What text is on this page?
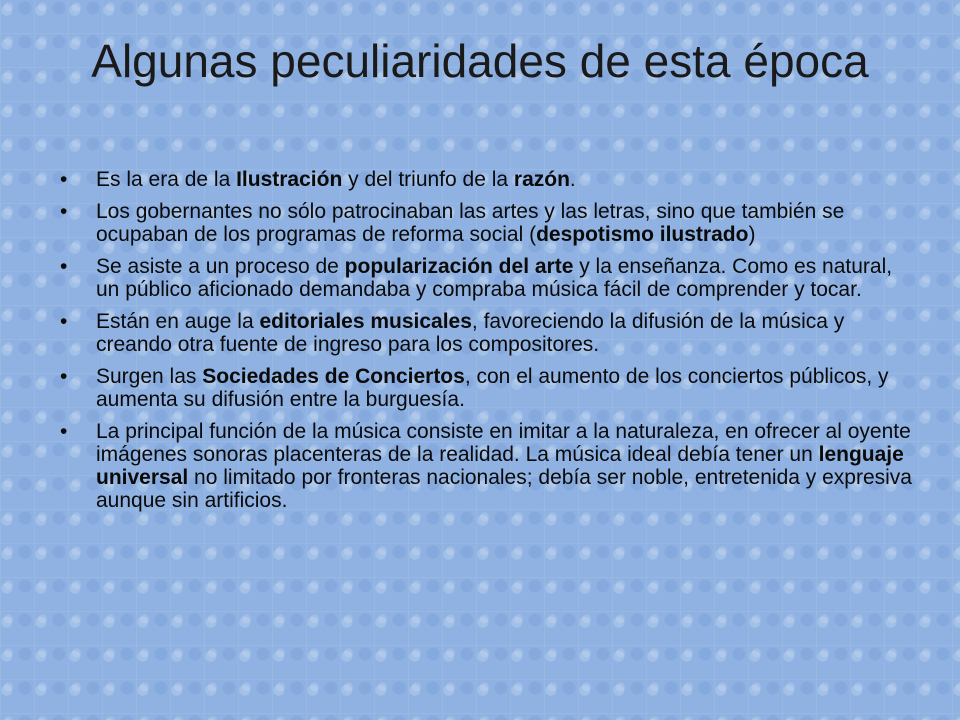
Algunas peculiaridades de esta época
• Es la era de la Ilustración y del triunfo de la razón.
• Los gobernantes no sólo patrocinaban las artes y las letras, sino que también se ocupaban de los programas de reforma social (despotismo ilustrado)
• Se asiste a un proceso de popularización del arte y la enseñanza. Como es natural, un público aficionado demandaba y compraba música fácil de comprender y tocar.
• Están en auge la editoriales musicales, favoreciendo la difusión de la música y creando otra fuente de ingreso para los compositores.
• Surgen las Sociedades de Conciertos, con el aumento de los conciertos públicos, y aumenta su difusión entre la burguesía.
• La principal función de la música consiste en imitar a la naturaleza, en ofrecer al oyente imágenes sonoras placenteras de la realidad. La música ideal debía tener un lenguaje universal no limitado por fronteras nacionales; debía ser noble, entretenida y expresiva aunque sin artificios.
